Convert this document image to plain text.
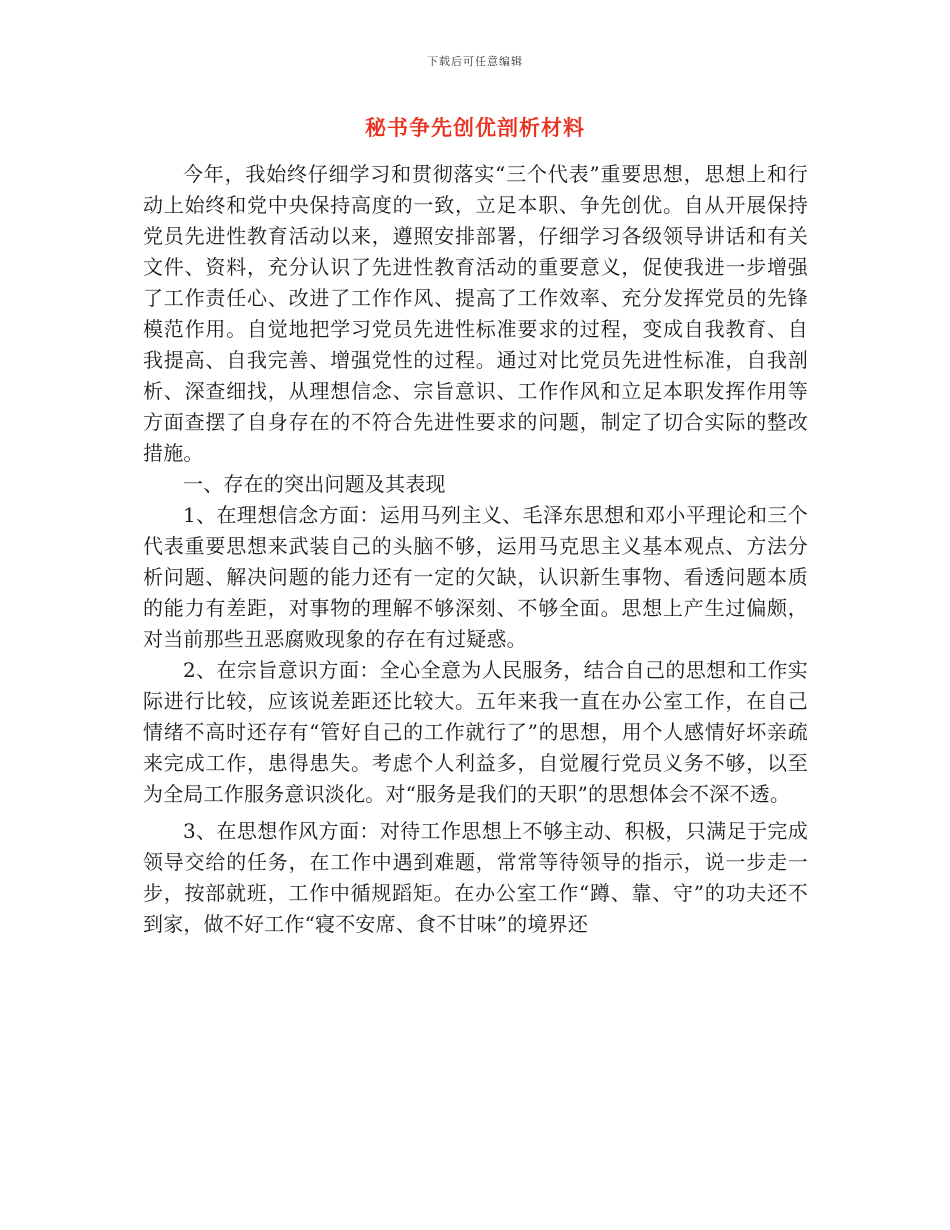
下载后可任意编辑
秘书争先创优剖析材料

今年，我始终仔细学习和贯彻落实“三个代表”重要思想，思想上和行动上始终和党中央保持高度的一致，立足本职、争先创优。自从开展保持党员先进性教育活动以来，遵照安排部署，仔细学习各级领导讲话和有关文件、资料，充分认识了先进性教育活动的重要意义，促使我进一步增强了工作责任心、改进了工作作风、提高了工作效率、充分发挥党员的先锋模范作用。自觉地把学习党员先进性标准要求的过程，变成自我教育、自我提高、自我完善、增强党性的过程。通过对比党员先进性标准，自我剖析、深查细找，从理想信念、宗旨意识、工作作风和立足本职发挥作用等方面查摆了自身存在的不符合先进性要求的问题，制定了切合实际的整改措施。

一、存在的突出问题及其表现

1、在理想信念方面：运用马列主义、毛泽东思想和邓小平理论和三个代表重要思想来武装自己的头脑不够，运用马克思主义基本观点、方法分析问题、解决问题的能力还有一定的欠缺，认识新生事物、看透问题本质的能力有差距，对事物的理解不够深刻、不够全面。思想上产生过偏颇，对当前那些丑恶腐败现象的存在有过疑惑。

2、在宗旨意识方面：全心全意为人民服务，结合自己的思想和工作实际进行比较，应该说差距还比较大。五年来我一直在办公室工作，在自己情绪不高时还存有“管好自己的工作就行了”的思想，用个人感情好坏亲疏来完成工作，患得患失。考虑个人利益多，自觉履行党员义务不够，以至为全局工作服务意识淡化。对“服务是我们的天职”的思想体会不深不透。

3、在思想作风方面：对待工作思想上不够主动、积极，只满足于完成领导交给的任务，在工作中遇到难题，常常等待领导的指示，说一步走一步，按部就班，工作中循规蹈矩。在办公室工作“蹲、靠、守”的功夫还不到家，做不好工作“寝不安席、食不甘味”的境界还
